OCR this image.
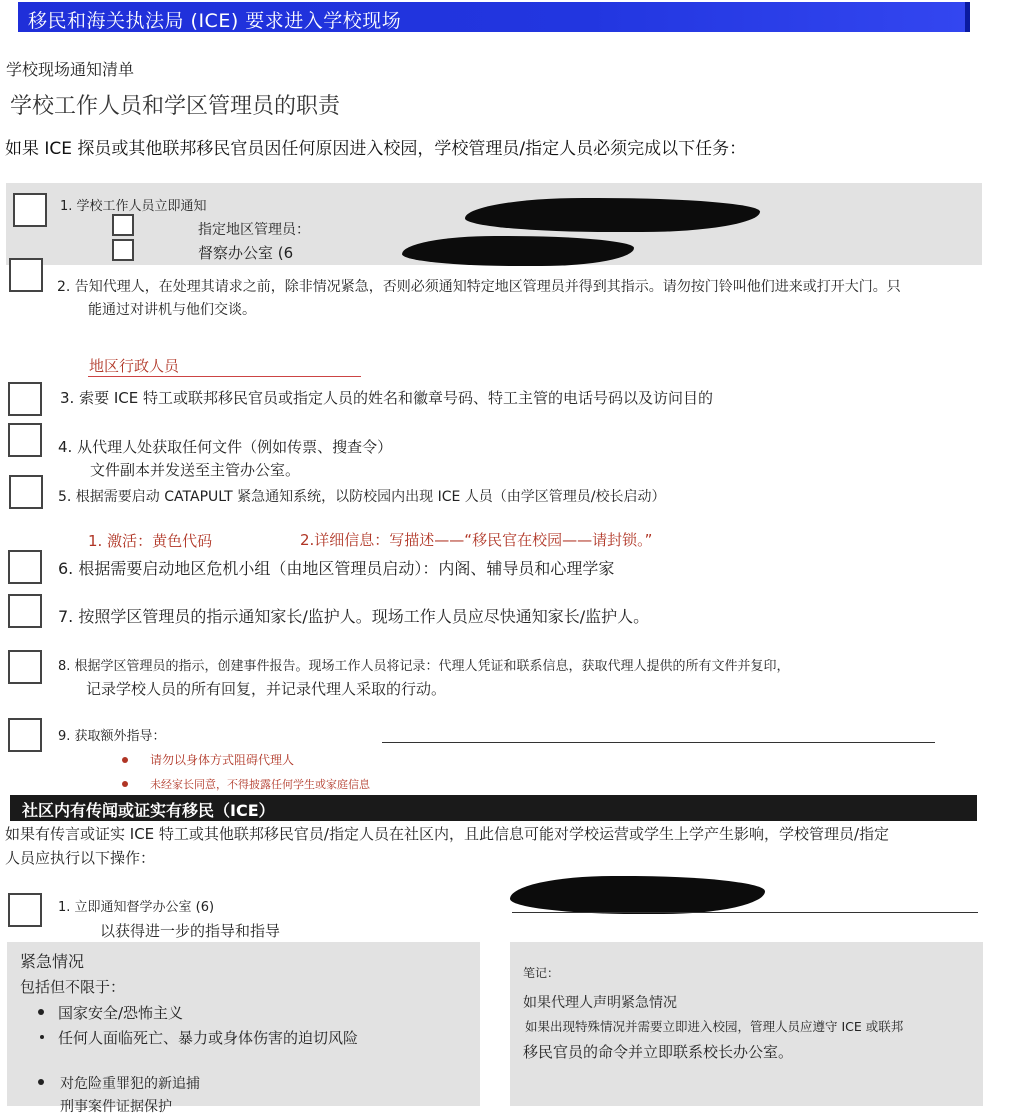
移民和海关执法局 (ICE) 要求进入学校现场
学校现场通知清单
学校工作人员和学区管理员的职责
如果 ICE 探员或其他联邦移民官员因任何原因进入校园，学校管理员/指定人员必须完成以下任务：
1. 学校工作人员立即通知
指定地区管理员：
督察办公室 (6
2. 告知代理人，在处理其请求之前，除非情况紧急，否则必须通知特定地区管理员并得到其指示。请勿按门铃叫他们进来或打开大门。只
能通过对讲机与他们交谈。
地区行政人员
3. 索要 ICE 特工或联邦移民官员或指定人员的姓名和徽章号码、特工主管的电话号码以及访问目的
4. 从代理人处获取任何文件（例如传票、搜查令）
文件副本并发送至主管办公室。
5. 根据需要启动 CATAPULT 紧急通知系统，以防校园内出现 ICE 人员（由学区管理员/校长启动）
1. 激活：黄色代码	2.详细信息：写描述——“移民官在校园——请封锁。”
6. 根据需要启动地区危机小组（由地区管理员启动）：内阁、辅导员和心理学家
7. 按照学区管理员的指示通知家长/监护人。现场工作人员应尽快通知家长/监护人。
8. 根据学区管理员的指示，创建事件报告。现场工作人员将记录：代理人凭证和联系信息，获取代理人提供的所有文件并复印，
记录学校人员的所有回复，并记录代理人采取的行动。
9. 获取额外指导：
请勿以身体方式阻碍代理人
未经家长同意，不得披露任何学生或家庭信息
社区内有传闻或证实有移民（ICE）
如果有传言或证实 ICE 特工或其他联邦移民官员/指定人员在社区内，且此信息可能对学校运营或学生上学产生影响，学校管理员/指定
人员应执行以下操作：
1. 立即通知督学办公室 (6)
以获得进一步的指导和指导
紧急情况
包括但不限于：
国家安全/恐怖主义
任何人面临死亡、暴力或身体伤害的迫切风险
对危险重罪犯的新追捕
刑事案件证据保护
笔记：
如果代理人声明紧急情况
如果出现特殊情况并需要立即进入校园，管理人员应遵守 ICE 或联邦
移民官员的命令并立即联系校长办公室。
